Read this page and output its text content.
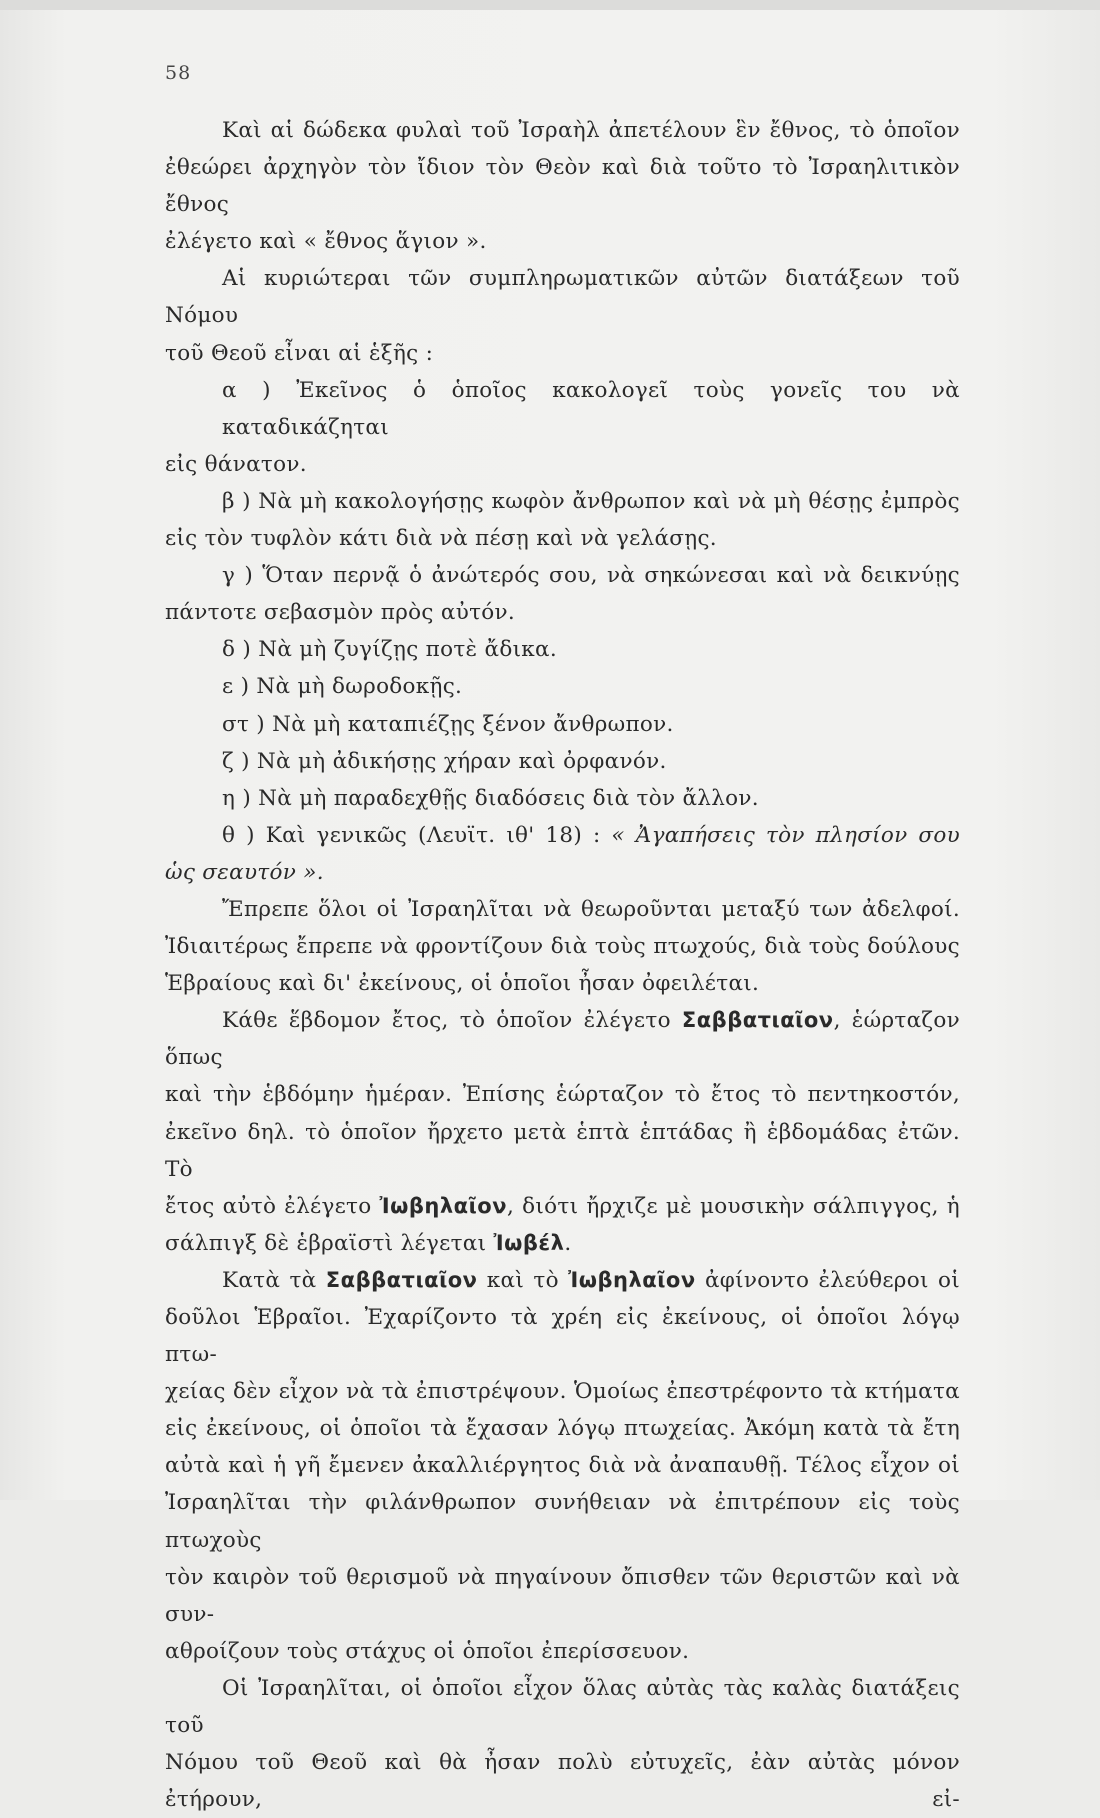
58

Καὶ αἱ δώδεκα φυλαὶ τοῦ Ἰσραὴλ ἀπετέλουν ἓν ἔθνος, τὸ ὁποῖον

ἐθεώρει ἀρχηγὸν τὸν ἴδιον τὸν Θεὸν καὶ διὰ τοῦτο τὸ Ἰσραηλιτικὸν ἔθνος

ἐλέγετο καὶ « ἔθνος ἅγιον ».

Αἱ κυριώτεραι τῶν συμπληρωματικῶν αὐτῶν διατάξεων τοῦ Νόμου

τοῦ Θεοῦ εἶναι αἱ ἑξῆς :

α ) Ἐκεῖνος ὁ ὁποῖος κακολογεῖ τοὺς γονεῖς του νὰ καταδικάζηται

εἰς θάνατον.

β ) Νὰ μὴ κακολογήσῃς κωφὸν ἄνθρωπον καὶ νὰ μὴ θέσῃς ἐμπρὸς

εἰς τὸν τυφλὸν κάτι διὰ νὰ πέσῃ καὶ νὰ γελάσῃς.

γ ) Ὅταν περνᾷ ὁ ἀνώτερός σου, νὰ σηκώνεσαι καὶ νὰ δεικνύῃς

πάντοτε σεβασμὸν πρὸς αὐτόν.

δ ) Νὰ μὴ ζυγίζῃς ποτὲ ἄδικα.

ε ) Νὰ μὴ δωροδοκῇς.

στ ) Νὰ μὴ καταπιέζῃς ξένον ἄνθρωπον.

ζ ) Νὰ μὴ ἀδικήσῃς χήραν καὶ ὀρφανόν.

η ) Νὰ μὴ παραδεχθῇς διαδόσεις διὰ τὸν ἄλλον.

θ ) Καὶ γενικῶς (Λευϊτ. ιθ' 18) : « Ἀγαπήσεις τὸν πλησίον σου

ὡς σεαυτόν ».

Ἔπρεπε ὅλοι οἱ Ἰσραηλῖται νὰ θεωροῦνται μεταξύ των ἀδελφοί.

Ἰδιαιτέρως ἔπρεπε νὰ φροντίζουν διὰ τοὺς πτωχούς, διὰ τοὺς δούλους

Ἑβραίους καὶ δι' ἐκείνους, οἱ ὁποῖοι ἦσαν ὀφειλέται.

Κάθε ἕβδομον ἔτος, τὸ ὁποῖον ἐλέγετο Σαββατιαῖον, ἑώρταζον ὅπως

καὶ τὴν ἑβδόμην ἡμέραν. Ἐπίσης ἑώρταζον τὸ ἔτος τὸ πεντηκοστόν,

ἐκεῖνο δηλ. τὸ ὁποῖον ἤρχετο μετὰ ἑπτὰ ἑπτάδας ἢ ἑβδομάδας ἐτῶν. Τὸ

ἔτος αὐτὸ ἐλέγετο Ἰωβηλαῖον, διότι ἤρχιζε μὲ μουσικὴν σάλπιγγος, ἡ

σάλπιγξ δὲ ἑβραϊστὶ λέγεται Ἰωβέλ.

Κατὰ τὰ Σαββατιαῖον καὶ τὸ Ἰωβηλαῖον ἀφίνοντο ἐλεύθεροι οἱ

δοῦλοι Ἑβραῖοι. Ἐχαρίζοντο τὰ χρέη εἰς ἐκείνους, οἱ ὁποῖοι λόγῳ πτω-

χείας δὲν εἶχον νὰ τὰ ἐπιστρέψουν. Ὁμοίως ἐπεστρέφοντο τὰ κτήματα

εἰς ἐκείνους, οἱ ὁποῖοι τὰ ἔχασαν λόγῳ πτωχείας. Ἀκόμη κατὰ τὰ ἔτη

αὐτὰ καὶ ἡ γῆ ἔμενεν ἀκαλλιέργητος διὰ νὰ ἀναπαυθῇ. Τέλος εἶχον οἱ

Ἰσραηλῖται τὴν φιλάνθρωπον συνήθειαν νὰ ἐπιτρέπουν εἰς τοὺς πτωχοὺς

τὸν καιρὸν τοῦ θερισμοῦ νὰ πηγαίνουν ὄπισθεν τῶν θεριστῶν καὶ νὰ συν-

αθροίζουν τοὺς στάχυς οἱ ὁποῖοι ἐπερίσσευον.

Οἱ Ἰσραηλῖται, οἱ ὁποῖοι εἶχον ὅλας αὐτὰς τὰς καλὰς διατάξεις τοῦ

Νόμου τοῦ Θεοῦ καὶ θὰ ἦσαν πολὺ εὐτυχεῖς, ἐὰν αὐτὰς μόνον ἐτήρουν, εἰ-
